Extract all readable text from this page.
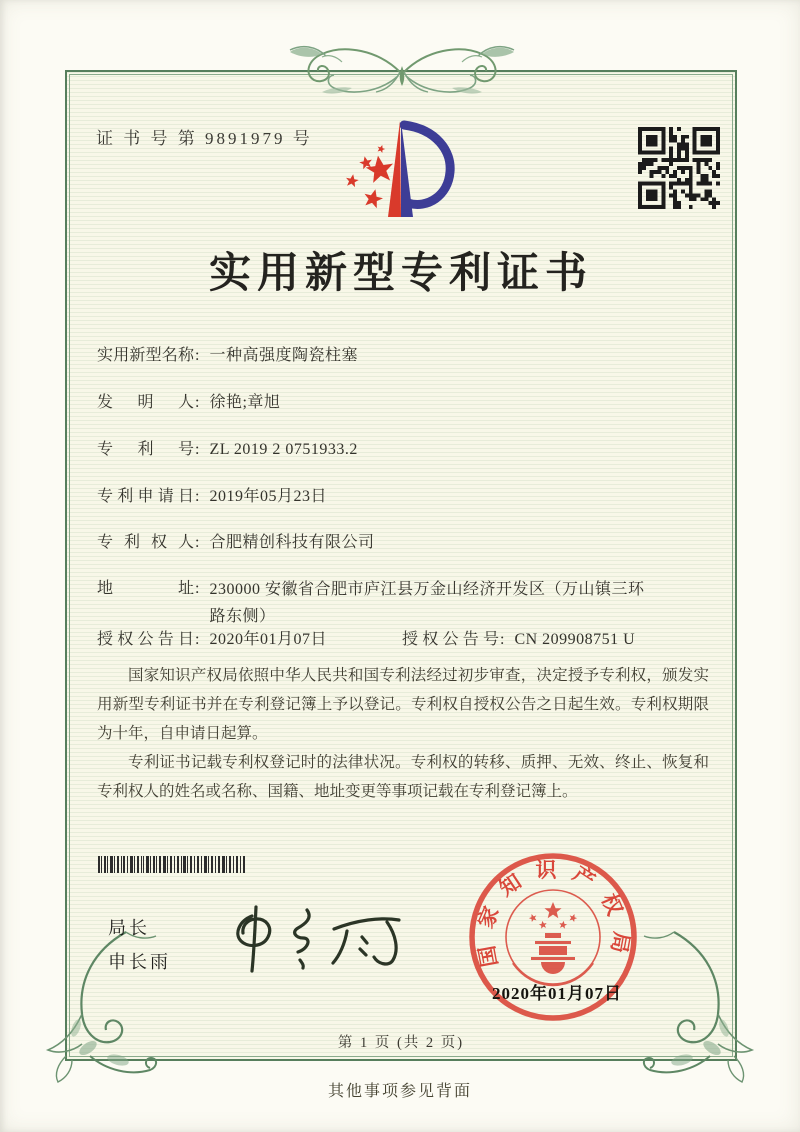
证 书 号 第 9891979 号
实用新型专利证书
实用新型名称: 一种高强度陶瓷柱塞
发明人: 徐艳;章旭
专利号: ZL 2019 2 0751933.2
专利申请日: 2019年05月23日
专利权人: 合肥精创科技有限公司
地址: 230000 安徽省合肥市庐江县万金山经济开发区（万山镇三环路东侧）
授权公告日: 2020年01月07日	授权公告号: CN 209908751 U

国家知识产权局依照中华人民共和国专利法经过初步审查，决定授予专利权，颁发实用新型专利证书并在专利登记簿上予以登记。专利权自授权公告之日起生效。专利权期限为十年，自申请日起算。

专利证书记载专利权登记时的法律状况。专利权的转移、质押、无效、终止、恢复和专利权人的姓名或名称、国籍、地址变更等事项记载在专利登记簿上。

局长
申长雨	国家知识产权局
2020年01月07日
第 1 页 (共 2 页)
其他事项参见背面
